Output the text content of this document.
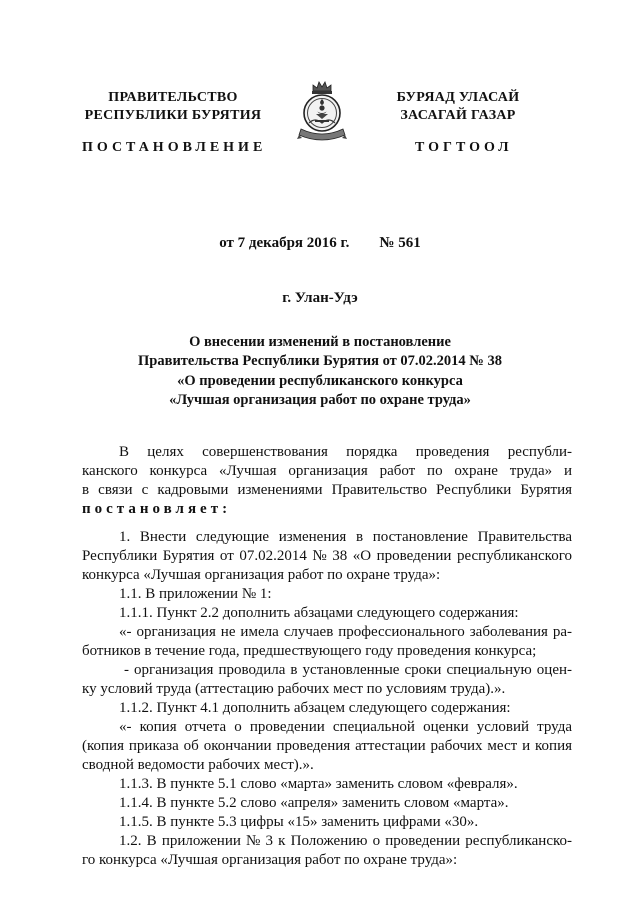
ПРАВИТЕЛЬСТВО
РЕСПУБЛИКИ БУРЯТИЯ
БУРЯАД УЛАСАЙ
ЗАСАГАЙ ГАЗАР
ПОСТАНОВЛЕНИЕ	ТОГТООЛ
от 7 декабря 2016 г. № 561
г. Улан-Удэ
О внесении изменений в постановление
Правительства Республики Бурятия от 07.02.2014 № 38
«О проведении республиканского конкурса
«Лучшая организация работ по охране труда»
В целях совершенствования порядка проведения республи-
канского конкурса «Лучшая организация работ по охране труда» и
в связи с кадровыми изменениями Правительство Республики Бурятия
постановляет:
1. Внести следующие изменения в постановление Правительства
Республики Бурятия от 07.02.2014 № 38 «О проведении республиканского
конкурса «Лучшая организация работ по охране труда»:
1.1. В приложении № 1:
1.1.1. Пункт 2.2 дополнить абзацами следующего содержания:
«- организация не имела случаев профессионального заболевания ра-
ботников в течение года, предшествующего году проведения конкурса;
- организация проводила в установленные сроки специальную оцен-
ку условий труда (аттестацию рабочих мест по условиям труда).».
1.1.2. Пункт 4.1 дополнить абзацем следующего содержания:
«- копия отчета о проведении специальной оценки условий труда
(копия приказа об окончании проведения аттестации рабочих мест и копия
сводной ведомости рабочих мест).».
1.1.3. В пункте 5.1 слово «марта» заменить словом «февраля».
1.1.4. В пункте 5.2 слово «апреля» заменить словом «марта».
1.1.5. В пункте 5.3 цифры «15» заменить цифрами «30».
1.2. В приложении № 3 к Положению о проведении республиканско-
го конкурса «Лучшая организация работ по охране труда»:
